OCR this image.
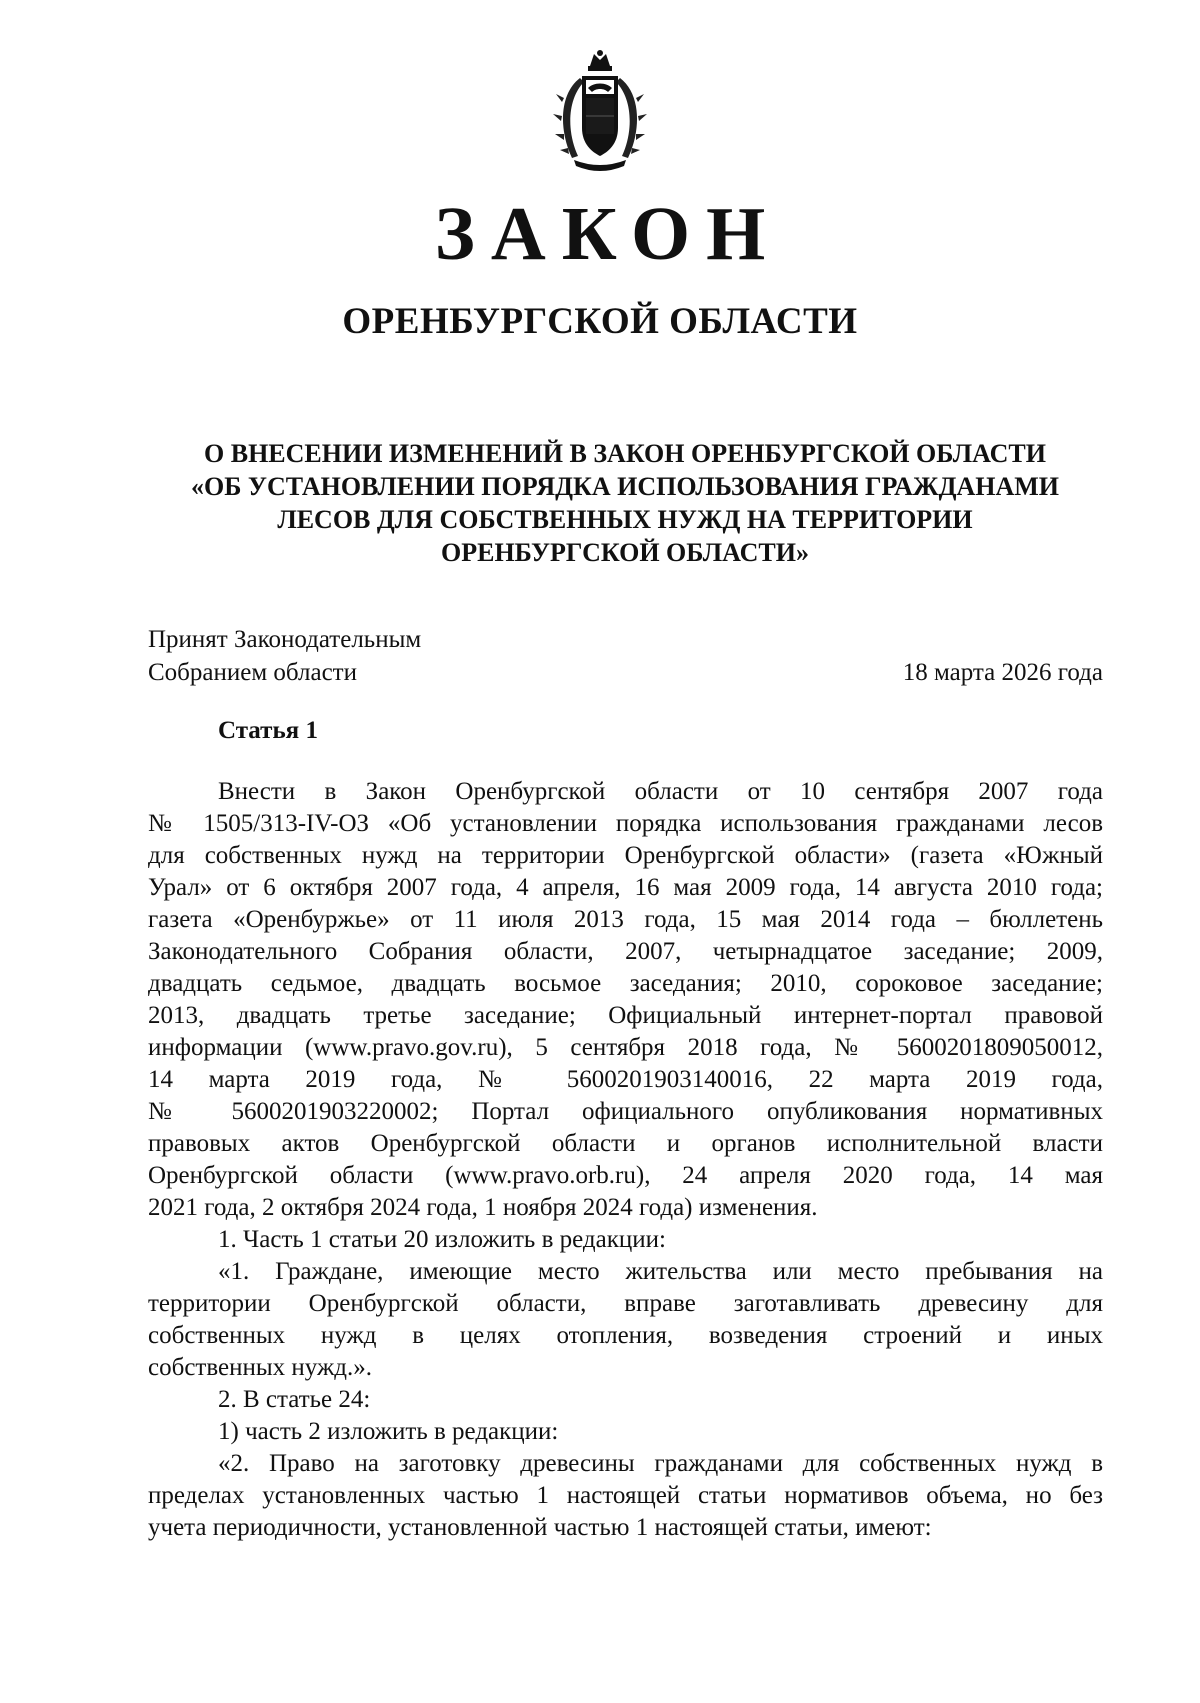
ЗАКОН
ОРЕНБУРГСКОЙ ОБЛАСТИ
О ВНЕСЕНИИ ИЗМЕНЕНИЙ В ЗАКОН ОРЕНБУРГСКОЙ ОБЛАСТИ
«ОБ УСТАНОВЛЕНИИ ПОРЯДКА ИСПОЛЬЗОВАНИЯ ГРАЖДАНАМИ
ЛЕСОВ ДЛЯ СОБСТВЕННЫХ НУЖД НА ТЕРРИТОРИИ
ОРЕНБУРГСКОЙ ОБЛАСТИ»
Принят Законодательным
Собранием области	18 марта 2026 года
Статья 1
Внести в Закон Оренбургской области от 10 сентября 2007 года
№ 1505/313-IV-ОЗ «Об установлении порядка использования гражданами лесов
для собственных нужд на территории Оренбургской области» (газета «Южный
Урал» от 6 октября 2007 года, 4 апреля, 16 мая 2009 года, 14 августа 2010 года;
газета «Оренбуржье» от 11 июля 2013 года, 15 мая 2014 года – бюллетень
Законодательного Собрания области, 2007, четырнадцатое заседание; 2009,
двадцать седьмое, двадцать восьмое заседания; 2010, сороковое заседание;
2013, двадцать третье заседание; Официальный интернет-портал правовой
информации (www.pravo.gov.ru), 5 сентября 2018 года, № 5600201809050012,
14 марта 2019 года, № 5600201903140016, 22 марта 2019 года,
№ 5600201903220002; Портал официального опубликования нормативных
правовых актов Оренбургской области и органов исполнительной власти
Оренбургской области (www.pravo.orb.ru), 24 апреля 2020 года, 14 мая
2021 года, 2 октября 2024 года, 1 ноября 2024 года) изменения.
1. Часть 1 статьи 20 изложить в редакции:
«1. Граждане, имеющие место жительства или место пребывания на
территории Оренбургской области, вправе заготавливать древесину для
собственных нужд в целях отопления, возведения строений и иных
собственных нужд.».
2. В статье 24:
1) часть 2 изложить в редакции:
«2. Право на заготовку древесины гражданами для собственных нужд в
пределах установленных частью 1 настоящей статьи нормативов объема, но без
учета периодичности, установленной частью 1 настоящей статьи, имеют:
